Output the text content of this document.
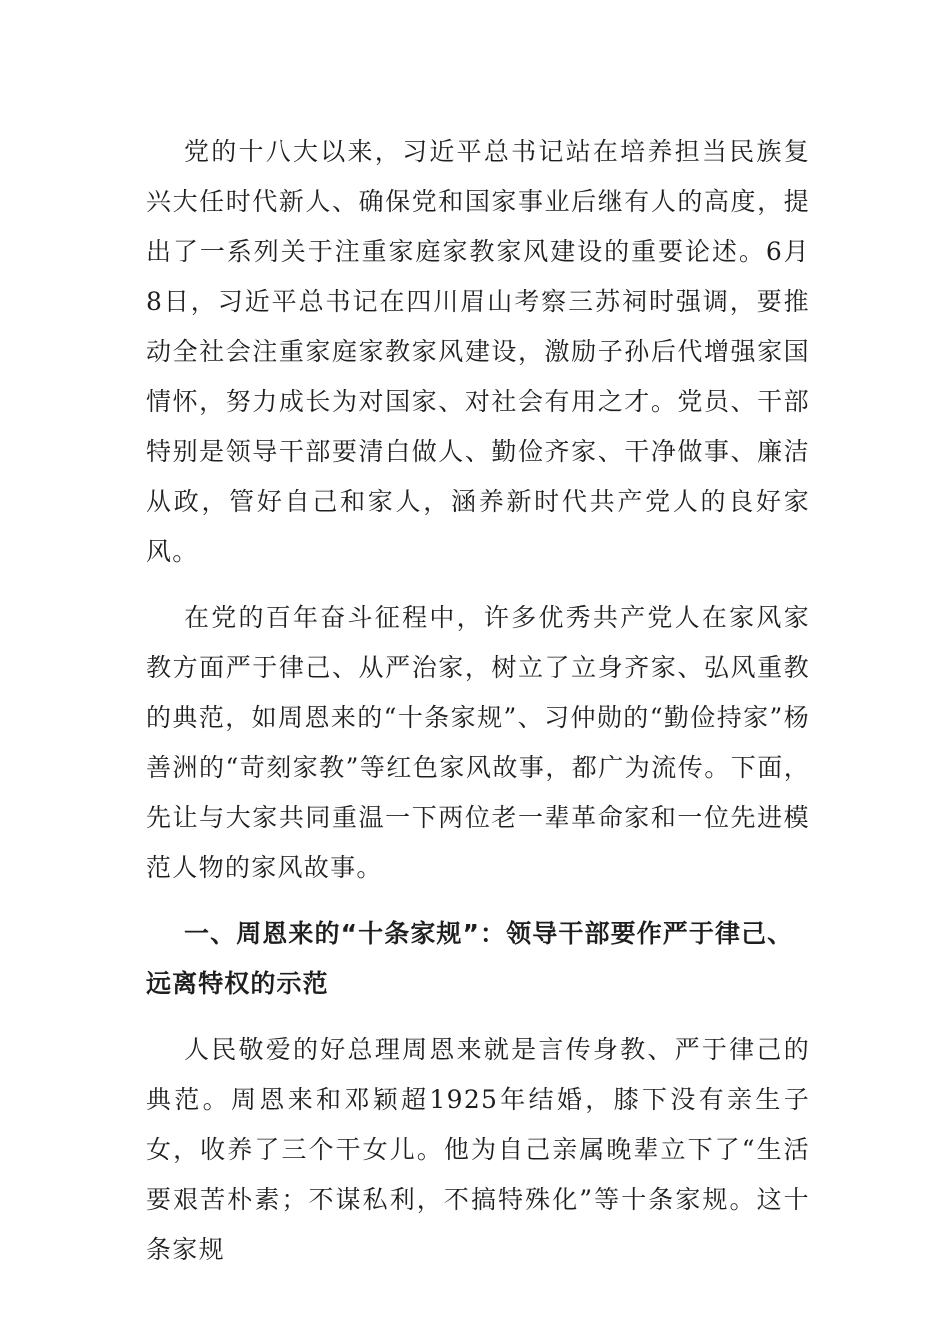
党的十八大以来，习近平总书记站在培养担当民族复兴大任时代新人、确保党和国家事业后继有人的高度，提出了一系列关于注重家庭家教家风建设的重要论述。6月8日，习近平总书记在四川眉山考察三苏祠时强调，要推动全社会注重家庭家教家风建设，激励子孙后代增强家国情怀，努力成长为对国家、对社会有用之才。党员、干部特别是领导干部要清白做人、勤俭齐家、干净做事、廉洁从政，管好自己和家人，涵养新时代共产党人的良好家风。

在党的百年奋斗征程中，许多优秀共产党人在家风家教方面严于律己、从严治家，树立了立身齐家、弘风重教的典范，如周恩来的“十条家规”、习仲勋的“勤俭持家”杨善洲的“苛刻家教”等红色家风故事，都广为流传。下面，先让与大家共同重温一下两位老一辈革命家和一位先进模范人物的家风故事。

一、周恩来的“十条家规”：领导干部要作严于律己、远离特权的示范

人民敬爱的好总理周恩来就是言传身教、严于律己的典范。周恩来和邓颖超1925年结婚，膝下没有亲生子女，收养了三个干女儿。他为自己亲属晚辈立下了“生活要艰苦朴素；不谋私利，不搞特殊化”等十条家规。这十条家规
